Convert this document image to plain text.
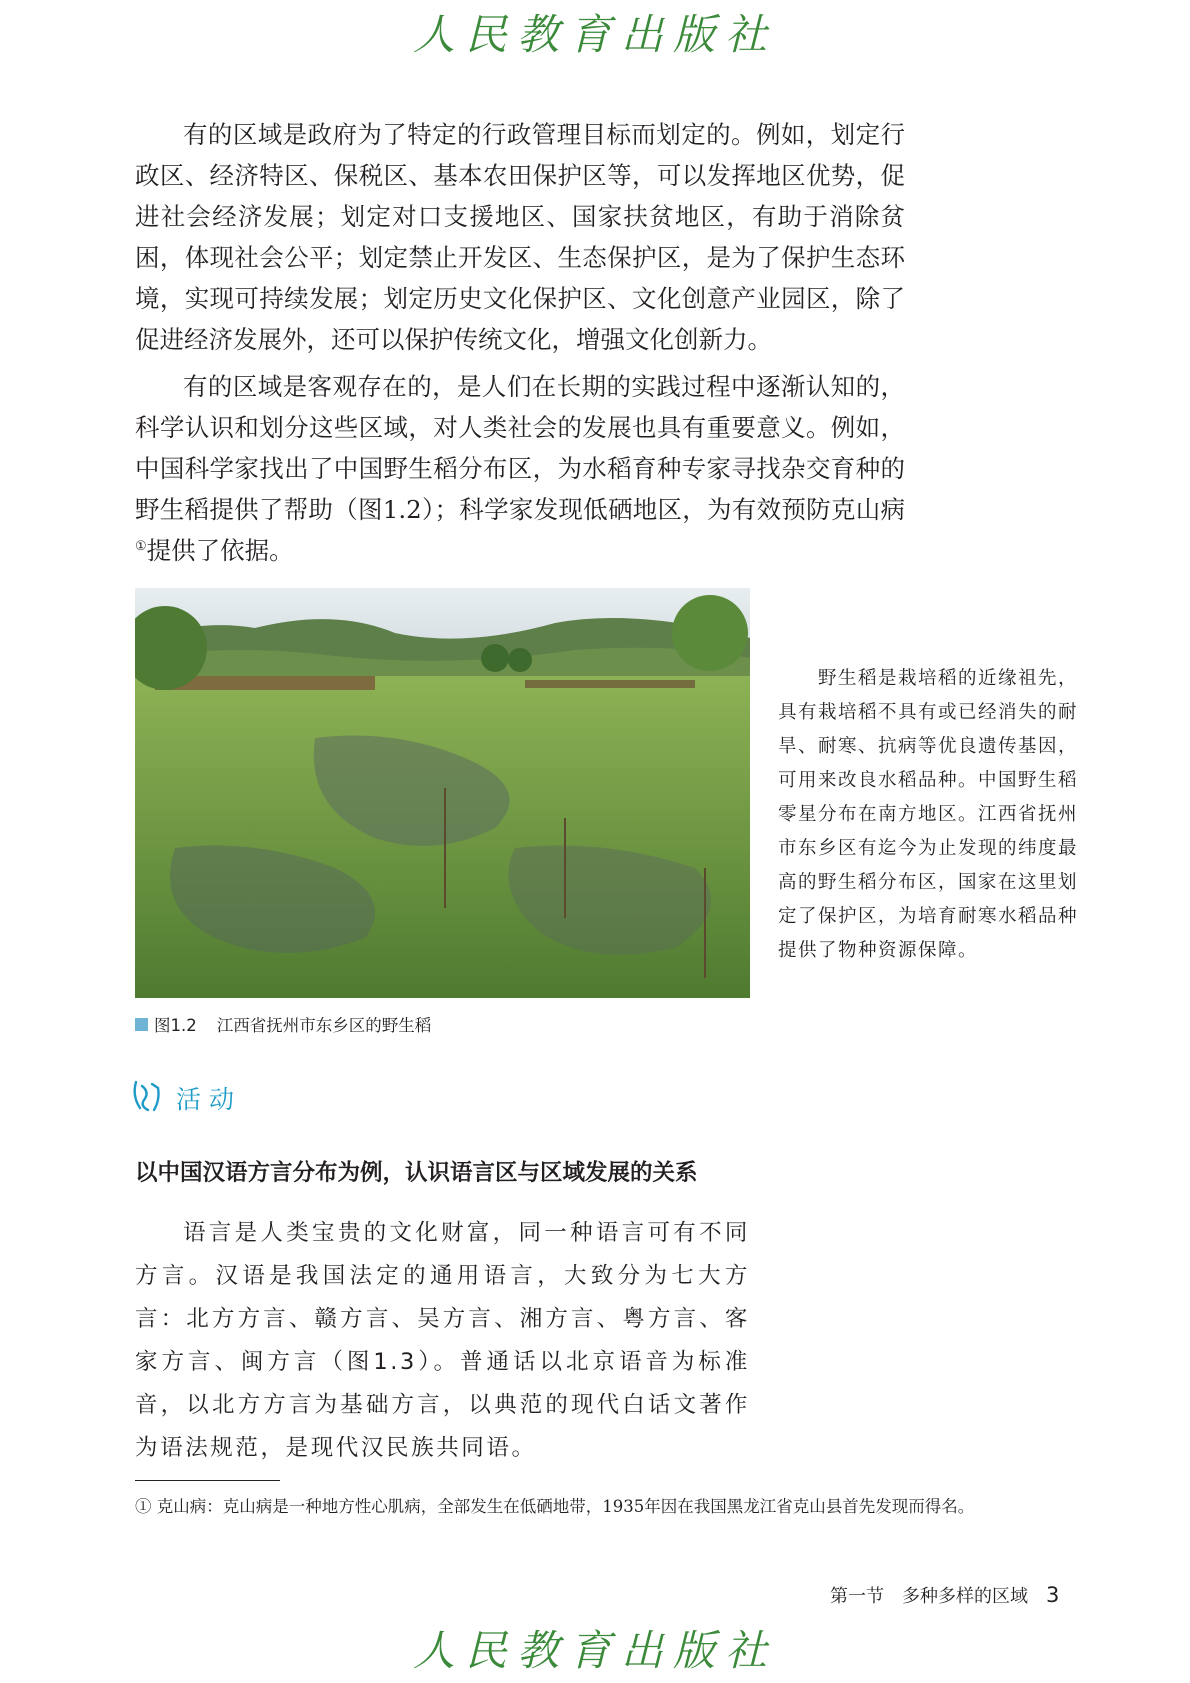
人民教育出版社

有的区域是政府为了特定的行政管理目标而划定的。例如，划定行政区、经济特区、保税区、基本农田保护区等，可以发挥地区优势，促进社会经济发展；划定对口支援地区、国家扶贫地区，有助于消除贫困，体现社会公平；划定禁止开发区、生态保护区，是为了保护生态环境，实现可持续发展；划定历史文化保护区、文化创意产业园区，除了促进经济发展外，还可以保护传统文化，增强文化创新力。

有的区域是客观存在的，是人们在长期的实践过程中逐渐认知的，科学认识和划分这些区域，对人类社会的发展也具有重要意义。例如，中国科学家找出了中国野生稻分布区，为水稻育种专家寻找杂交育种的野生稻提供了帮助（图1.2）；科学家发现低硒地区，为有效预防克山病①提供了依据。

野生稻是栽培稻的近缘祖先，具有栽培稻不具有或已经消失的耐旱、耐寒、抗病等优良遗传基因，可用来改良水稻品种。中国野生稻零星分布在南方地区。江西省抚州市东乡区有迄今为止发现的纬度最高的野生稻分布区，国家在这里划定了保护区，为培育耐寒水稻品种提供了物种资源保障。

图1.2 江西省抚州市东乡区的野生稻
活动
以中国汉语方言分布为例，认识语言区与区域发展的关系

语言是人类宝贵的文化财富，同一种语言可有不同方言。汉语是我国法定的通用语言，大致分为七大方言：北方方言、赣方言、吴方言、湘方言、粤方言、客家方言、闽方言（图1.3）。普通话以北京语音为标准音，以北方方言为基础方言，以典范的现代白话文著作为语法规范，是现代汉民族共同语。

① 克山病：克山病是一种地方性心肌病，全部发生在低硒地带，1935年因在我国黑龙江省克山县首先发现而得名。

第一节　多种多样的区域 3
人民教育出版社
